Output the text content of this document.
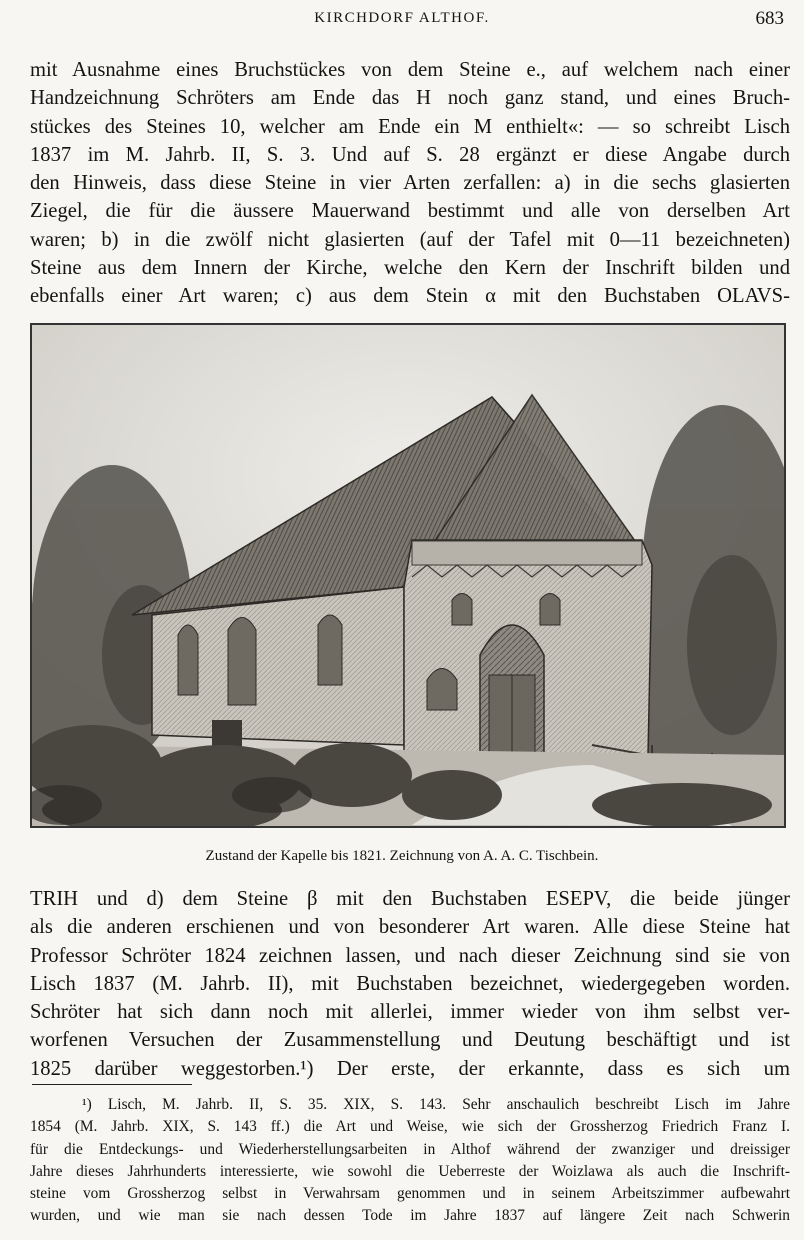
KIRCHDORF ALTHOF.	683
mit Ausnahme eines Bruchstückes von dem Steine e., auf welchem nach einer
Handzeichnung Schröters am Ende das H noch ganz stand, und eines Bruch-
stückes des Steines 10, welcher am Ende ein M enthielt«: — so schreibt Lisch
1837 im M. Jahrb. II, S. 3. Und auf S. 28 ergänzt er diese Angabe durch
den Hinweis, dass diese Steine in vier Arten zerfallen: a) in die sechs glasierten
Ziegel, die für die äussere Mauerwand bestimmt und alle von derselben Art
waren; b) in die zwölf nicht glasierten (auf der Tafel mit 0—11 bezeichneten)
Steine aus dem Innern der Kirche, welche den Kern der Inschrift bilden und
ebenfalls einer Art waren; c) aus dem Stein α mit den Buchstaben OLAVS-
Zustand der Kapelle bis 1821. Zeichnung von A. A. C. Tischbein.
TRIH und d) dem Steine β mit den Buchstaben ESEPV, die beide jünger
als die anderen erschienen und von besonderer Art waren. Alle diese Steine hat
Professor Schröter 1824 zeichnen lassen, und nach dieser Zeichnung sind sie von
Lisch 1837 (M. Jahrb. II), mit Buchstaben bezeichnet, wiedergegeben worden.
Schröter hat sich dann noch mit allerlei, immer wieder von ihm selbst ver-
worfenen Versuchen der Zusammenstellung und Deutung beschäftigt und ist
1825 darüber weggestorben.¹) Der erste, der erkannte, dass es sich um
¹) Lisch, M. Jahrb. II, S. 35. XIX, S. 143. Sehr anschaulich beschreibt Lisch im Jahre
1854 (M. Jahrb. XIX, S. 143 ff.) die Art und Weise, wie sich der Grossherzog Friedrich Franz I.
für die Entdeckungs- und Wiederherstellungsarbeiten in Althof während der zwanziger und dreissiger
Jahre dieses Jahrhunderts interessierte, wie sowohl die Ueberreste der Woizlawa als auch die Inschrift-
steine vom Grossherzog selbst in Verwahrsam genommen und in seinem Arbeitszimmer aufbewahrt
wurden, und wie man sie nach dessen Tode im Jahre 1837 auf längere Zeit nach Schwerin
